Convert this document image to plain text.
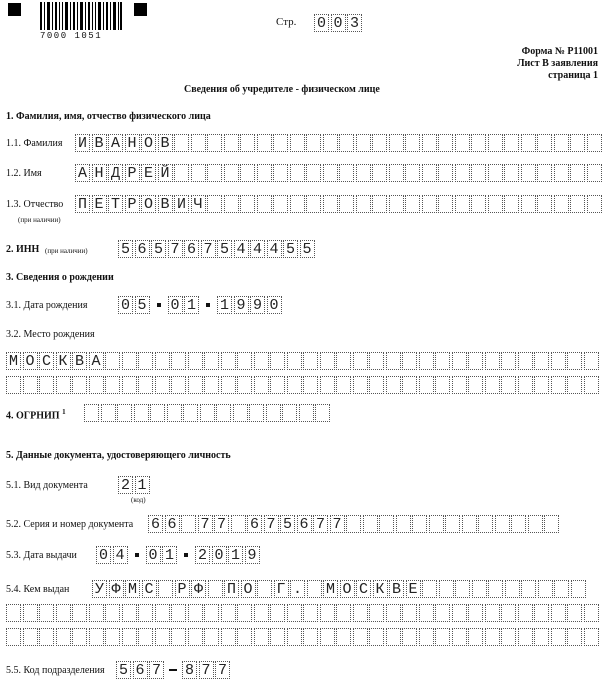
7000 1051
Стр. 0 0 3
Форма № Р11001
Лист В заявления
страница 1
Сведения об учредителе - физическом лице
1. Фамилия, имя, отчество физического лица
1.1. Фамилия И В А Н О В
1.2. Имя А Н Д Р Е Й
1.3. Отчество
(при наличии)
П Е Т Р О В И Ч
2. ИНН (при наличии) 5 6 5 7 6 7 5 4 4 4 5 5
3. Сведения о рождении
3.1. Дата рождения 0 5 0 1 1 9 9 0
3.2. Место рождения
М О С К В А
4. ОГРНИП $^1$
5. Данные документа, удостоверяющего личность
5.1. Вид документа 2 1
(код)
5.2. Серия и номер документа 6 6 7 7 6 7 5 6 7 7
5.3. Дата выдачи 0 4 0 1 2 0 1 9
5.4. Кем выдан У Ф М С Р Ф П О Г . М О С К В Е
5.5. Код подразделения 5 6 7 8 7 7
